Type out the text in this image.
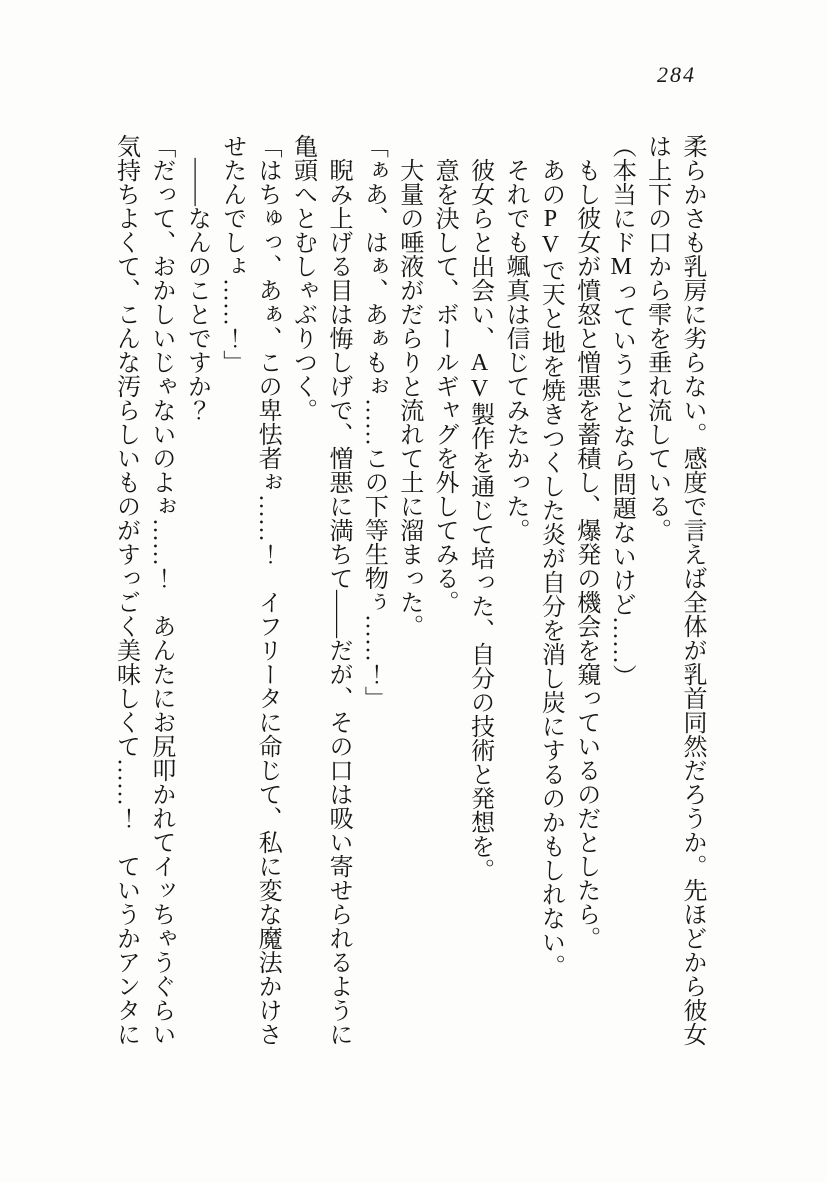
284
柔らかさも乳房に劣らない。感度で言えば全体が乳首同然だろうか。先ほどから彼女
は上下の口から雫を垂れ流している。
（本当にドMっていうことなら問題ないけど……）
もし彼女が憤怒と憎悪を蓄積し、爆発の機会を窺っているのだとしたら。
あのPVで天と地を焼きつくした炎が自分を消し炭にするのかもしれない。
それでも颯真は信じてみたかった。
彼女らと出会い、AV製作を通じて培った、自分の技術と発想を。
意を決して、ボールギャグを外してみる。
大量の唾液がだらりと流れて土に溜まった。
「ぁあ、はぁ、あぁもぉ……この下等生物ぅ……！」
睨み上げる目は悔しげで、憎悪に満ちて――だが、その口は吸い寄せられるように
亀頭へとむしゃぶりつく。
「はちゅっ、あぁ、この卑怯者ぉ……！　イフリータに命じて、私に変な魔法かけさ
せたんでしょ……！」
――なんのことですか？
「だって、おかしいじゃないのよぉ……！　あんたにお尻叩かれてイッちゃうぐらい
気持ちよくて、こんな汚らしいものがすっごく美味しくて……！　ていうかアンタに
